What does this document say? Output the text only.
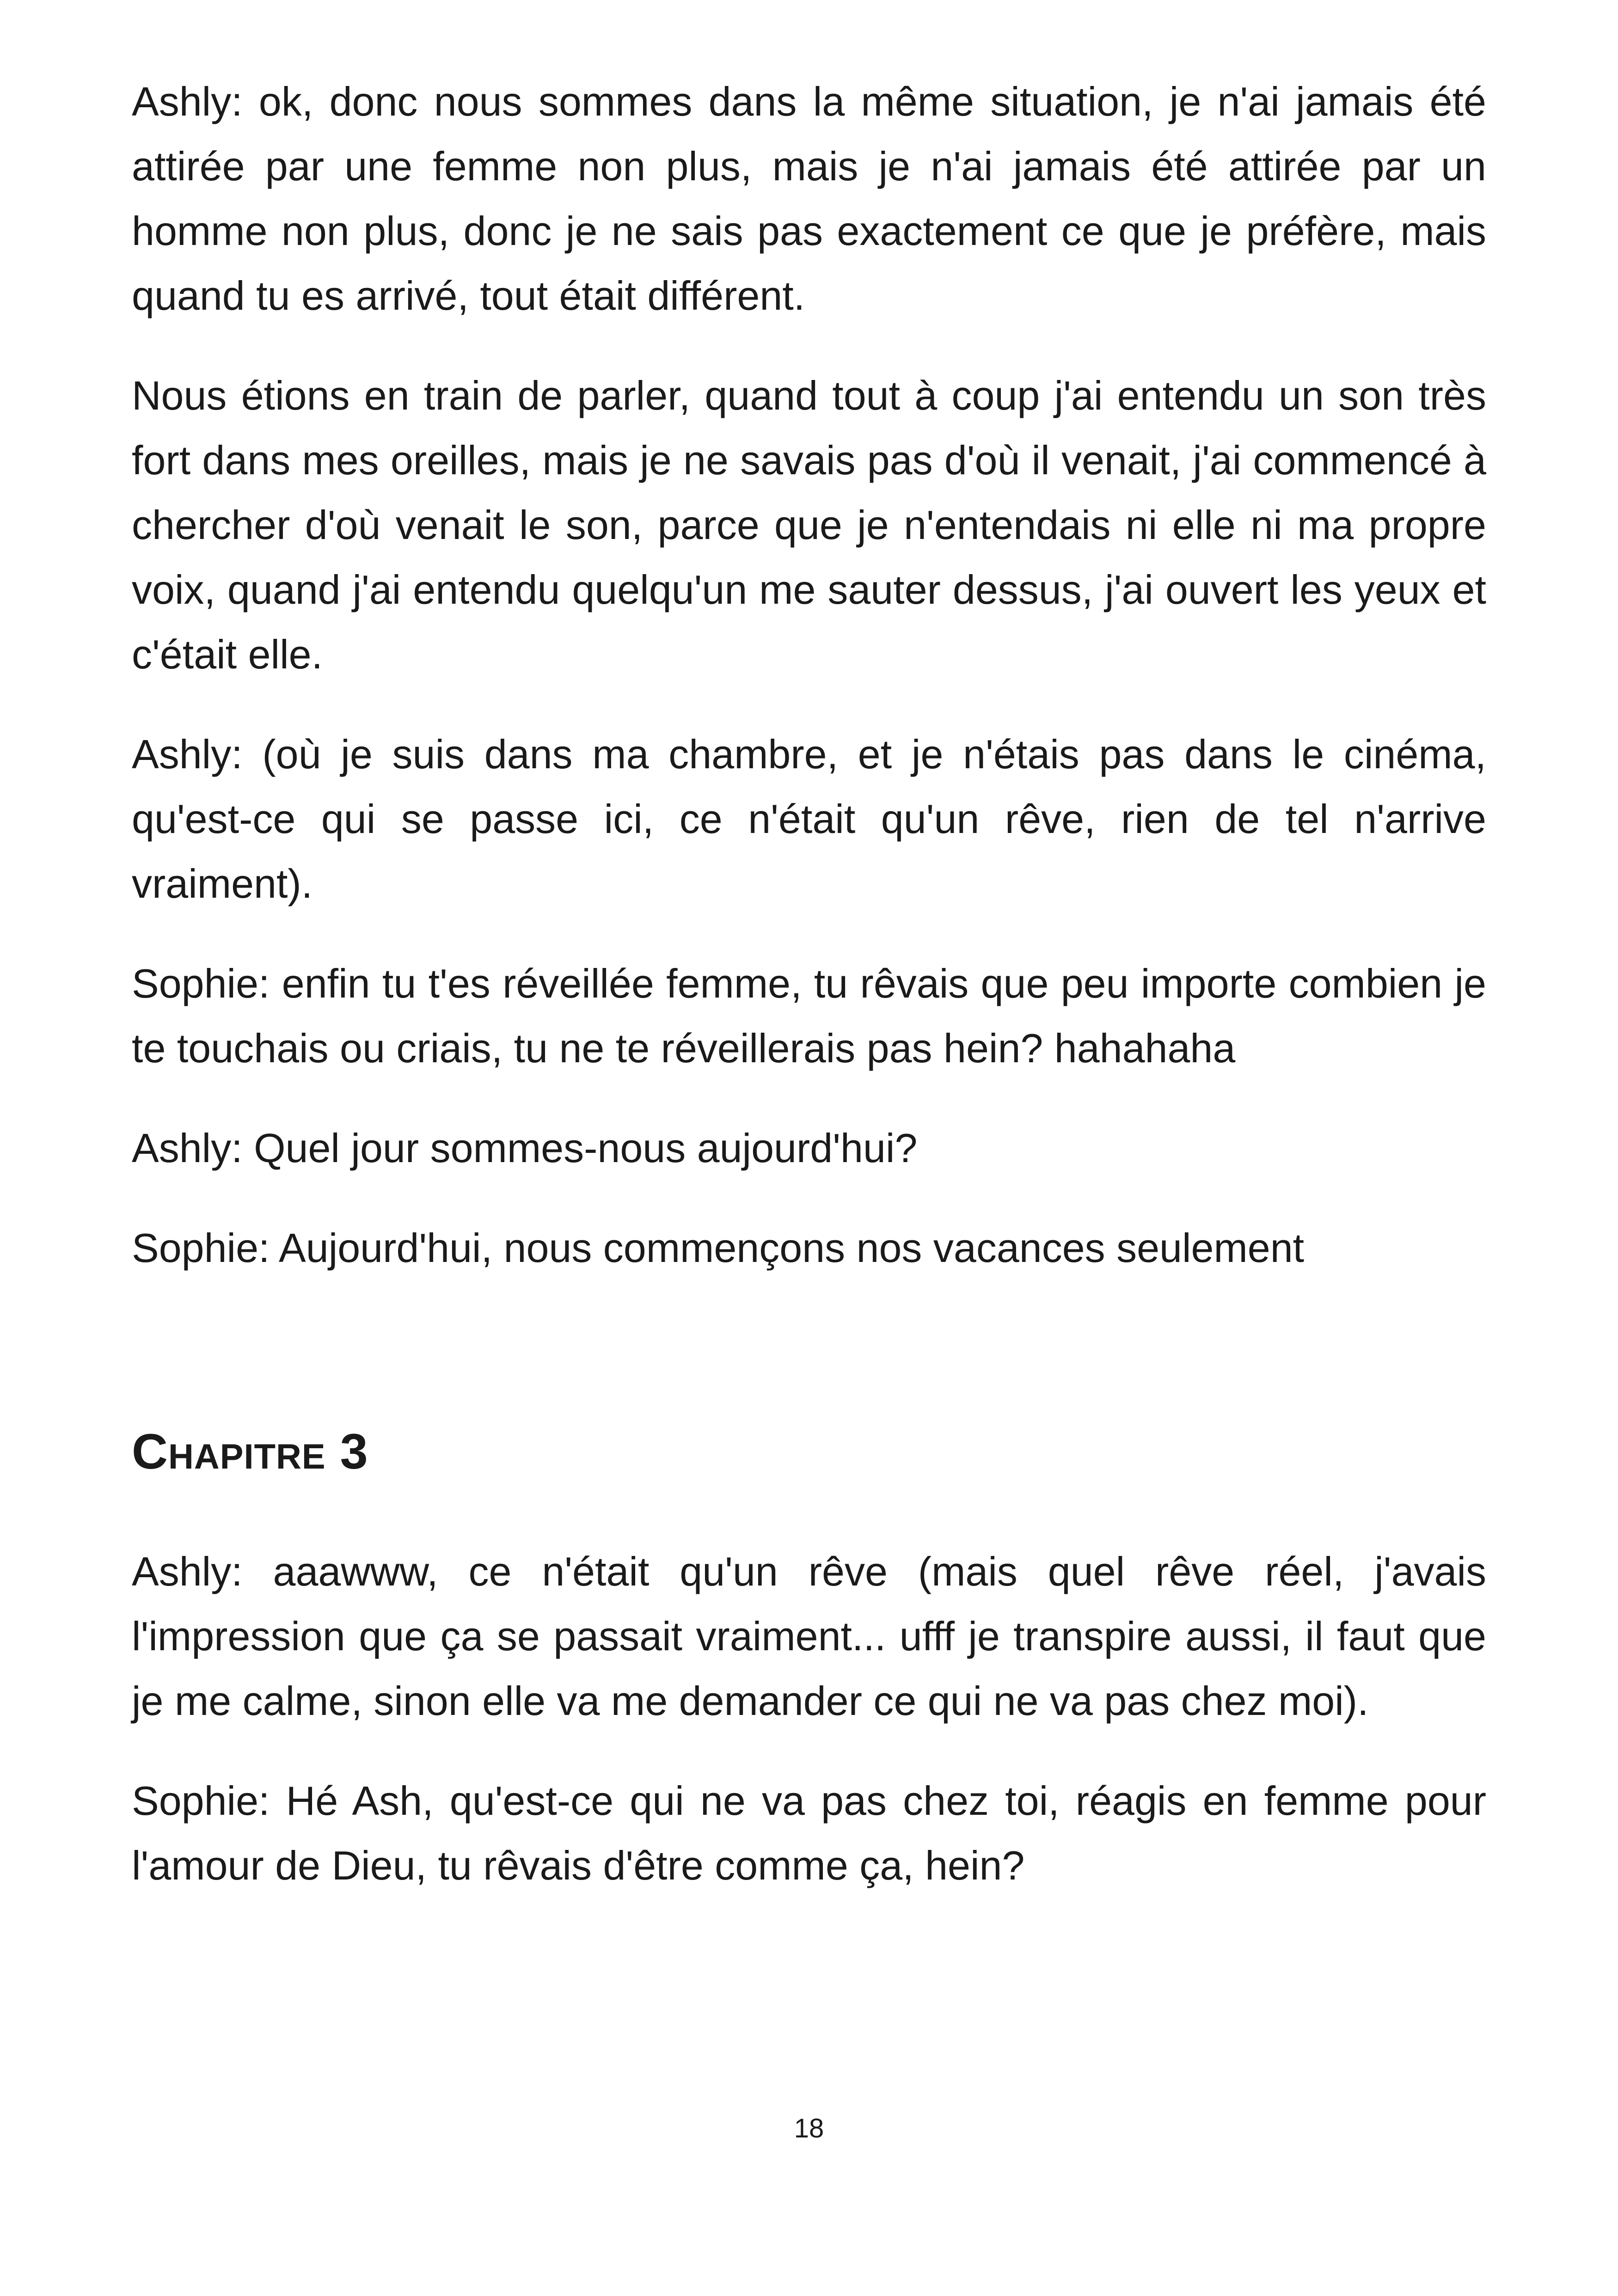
Ashly: ok, donc nous sommes dans la même situation, je n'ai jamais été attirée par une femme non plus, mais je n'ai jamais été attirée par un homme non plus, donc je ne sais pas exactement ce que je préfère, mais quand tu es arrivé, tout était différent.

Nous étions en train de parler, quand tout à coup j'ai entendu un son très fort dans mes oreilles, mais je ne savais pas d'où il venait, j'ai commencé à chercher d'où venait le son, parce que je n'entendais ni elle ni ma propre voix, quand j'ai entendu quelqu'un me sauter dessus, j'ai ouvert les yeux et c'était elle.

Ashly: (où je suis dans ma chambre, et je n'étais pas dans le cinéma, qu'est-ce qui se passe ici, ce n'était qu'un rêve, rien de tel n'arrive vraiment).

Sophie: enfin tu t'es réveillée femme, tu rêvais que peu importe combien je te touchais ou criais, tu ne te réveillerais pas hein? hahahaha

Ashly: Quel jour sommes-nous aujourd'hui?

Sophie: Aujourd'hui, nous commençons nos vacances seulement

Chapitre 3

Ashly: aaawww, ce n'était qu'un rêve (mais quel rêve réel, j'avais l'impression que ça se passait vraiment... ufff je transpire aussi, il faut que je me calme, sinon elle va me demander ce qui ne va pas chez moi).

Sophie: Hé Ash, qu'est-ce qui ne va pas chez toi, réagis en femme pour l'amour de Dieu, tu rêvais d'être comme ça, hein?

18
